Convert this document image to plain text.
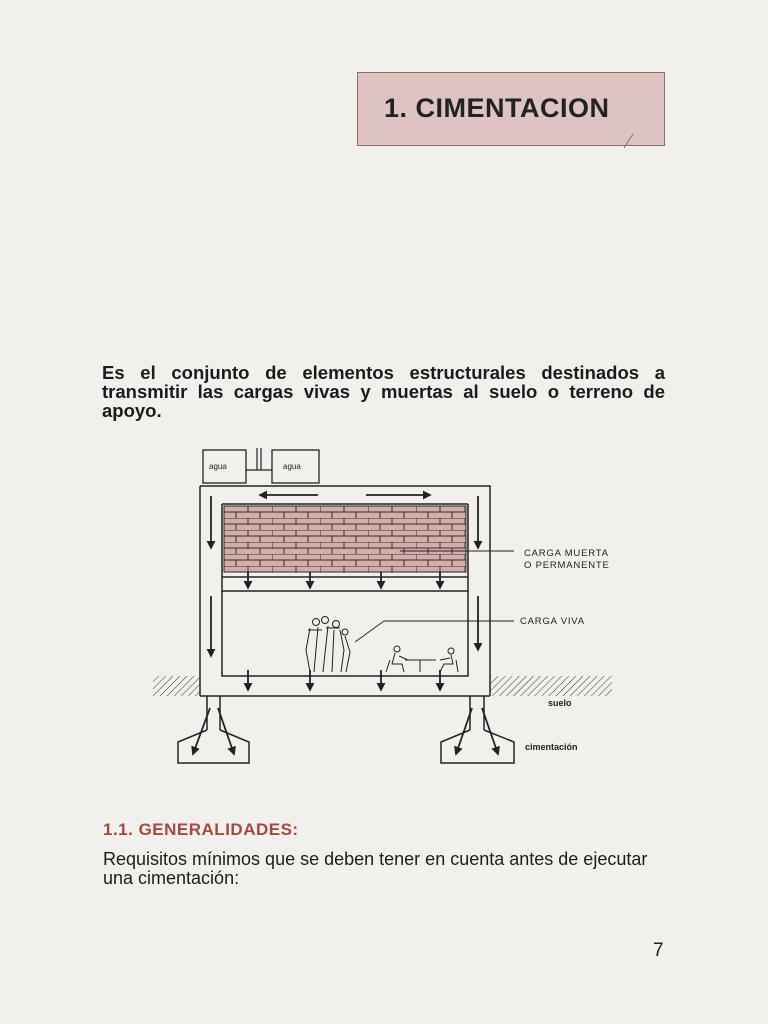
1. CIMENTACION

Es el conjunto de elementos estructurales destinados a transmitir las cargas vivas y muertas al suelo o terreno de apoyo.

agua	agua
CARGA MUERTA
O PERMANENTE
CARGA VIVA
suelo
cimentación
1.1. GENERALIDADES:

Requisitos mínimos que se deben tener en cuenta antes de ejecutar una cimentación:

7
